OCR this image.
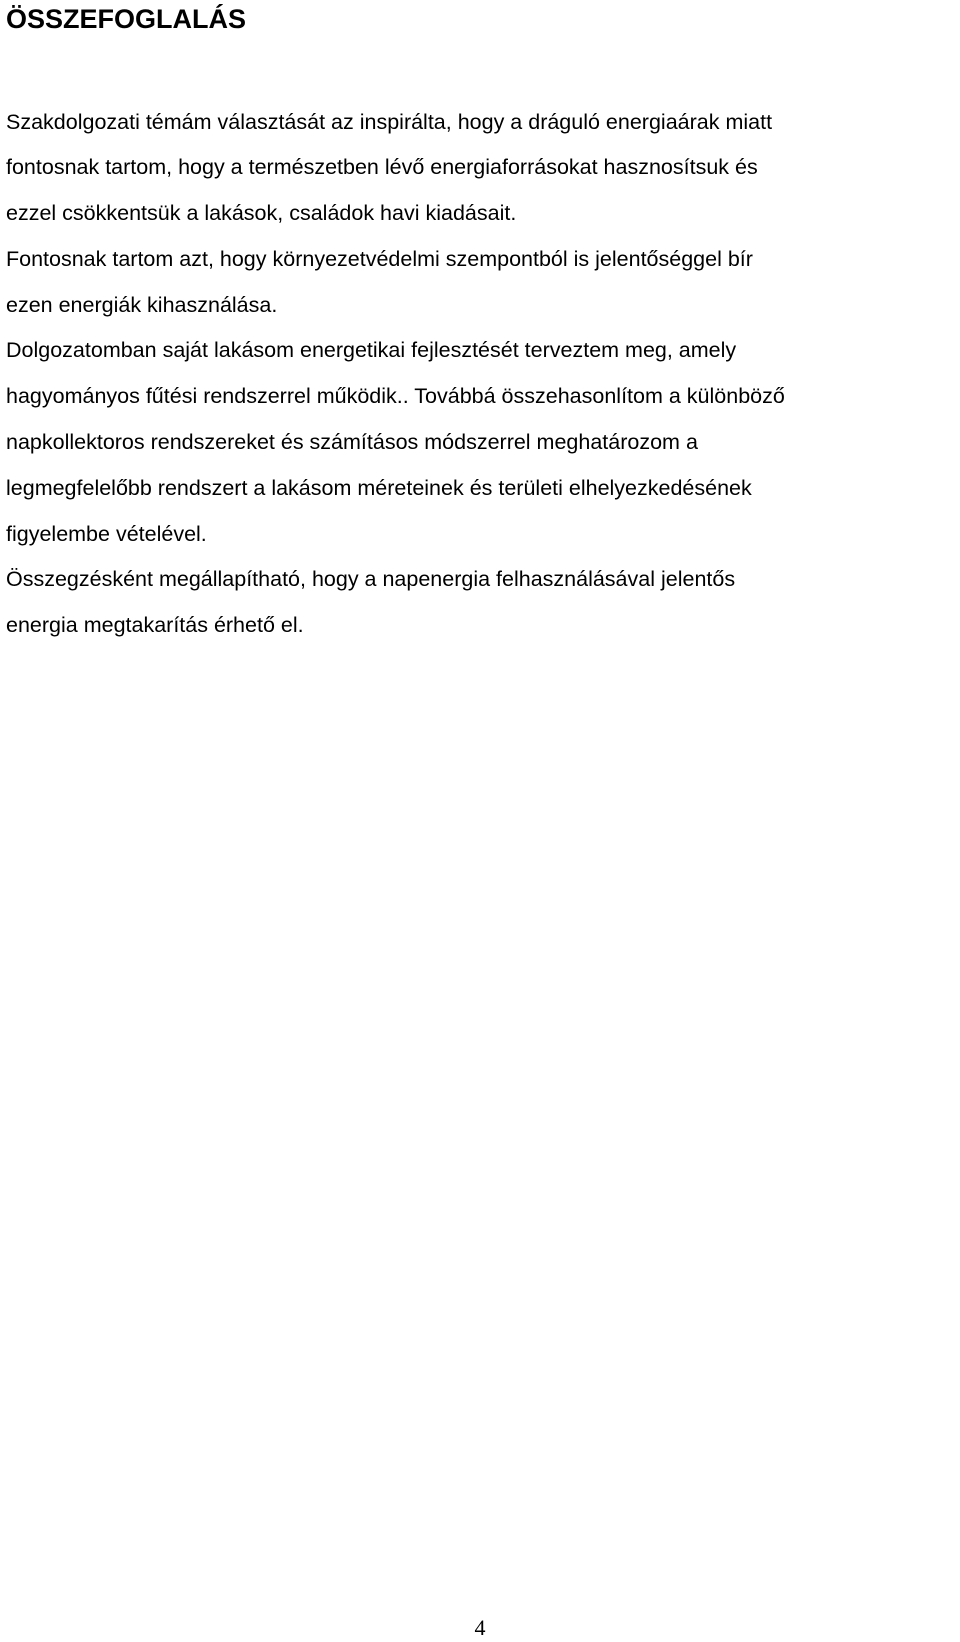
ÖSSZEFOGLALÁS

Szakdolgozati témám választását az inspirálta, hogy a dráguló energiaárak miatt

fontosnak tartom, hogy a természetben lévő energiaforrásokat hasznosítsuk és

ezzel csökkentsük a lakások, családok havi kiadásait.

Fontosnak tartom azt, hogy környezetvédelmi szempontból is jelentőséggel bír

ezen energiák kihasználása.

Dolgozatomban saját lakásom energetikai fejlesztését terveztem meg, amely

hagyományos fűtési rendszerrel működik.. Továbbá összehasonlítom a különböző

napkollektoros rendszereket és számításos módszerrel meghatározom a

legmegfelelőbb rendszert a lakásom méreteinek és területi elhelyezkedésének

figyelembe vételével.

Összegzésként megállapítható, hogy a napenergia felhasználásával jelentős

energia megtakarítás érhető el.

4
